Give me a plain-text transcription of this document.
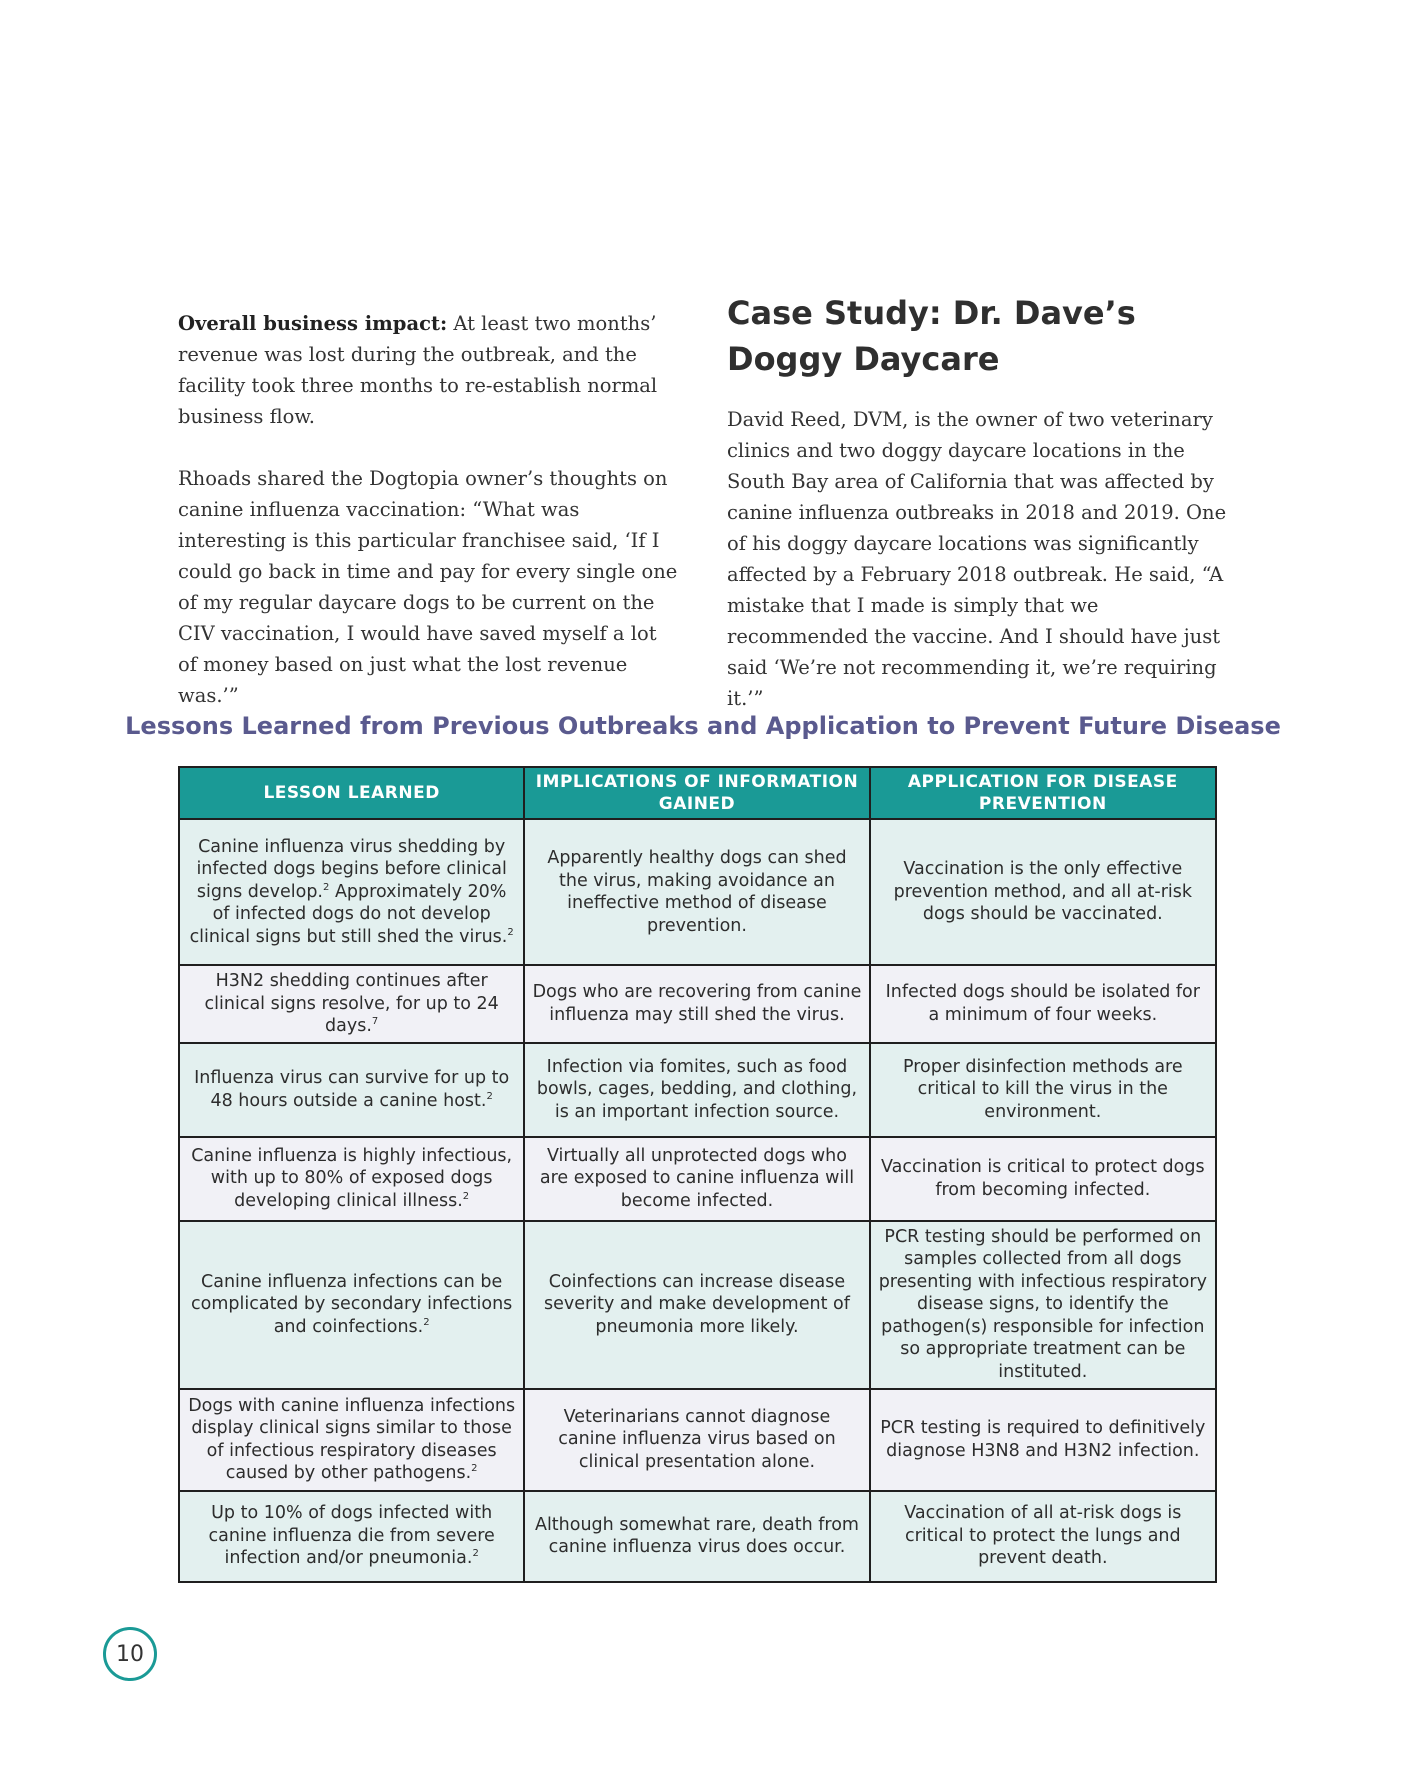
Overall business impact: At least two months’ revenue was lost during the outbreak, and the facility took three months to re-establish normal business flow.

Rhoads shared the Dogtopia owner’s thoughts on canine influenza vaccination: “What was interesting is this particular franchisee said, ‘If I could go back in time and pay for every single one of my regular daycare dogs to be current on the CIV vaccination, I would have saved myself a lot of money based on just what the lost revenue was.’”

Case Study: Dr. Dave’s Doggy Daycare

David Reed, DVM, is the owner of two veterinary clinics and two doggy daycare locations in the South Bay area of California that was affected by canine influenza outbreaks in 2018 and 2019. One of his doggy daycare locations was significantly affected by a February 2018 outbreak. He said, “A mistake that I made is simply that we recommended the vaccine. And I should have just said ‘We’re not recommending it, we’re requiring it.’”

Lessons Learned from Previous Outbreaks and Application to Prevent Future Disease
LESSON LEARNED	IMPLICATIONS OF INFORMATION GAINED	APPLICATION FOR DISEASE PREVENTION
Canine influenza virus shedding by infected dogs begins before clinical signs develop.$^2$ Approximately 20% of infected dogs do not develop clinical signs but still shed the virus.$^2$	Apparently healthy dogs can shed the virus, making avoidance an ineffective method of disease prevention.	Vaccination is the only effective prevention method, and all at-risk dogs should be vaccinated.
H3N2 shedding continues after clinical signs resolve, for up to 24 days.$^7$	Dogs who are recovering from canine influenza may still shed the virus.	Infected dogs should be isolated for a minimum of four weeks.
Influenza virus can survive for up to 48 hours outside a canine host.$^2$	Infection via fomites, such as food bowls, cages, bedding, and clothing, is an important infection source.	Proper disinfection methods are critical to kill the virus in the environment.
Canine influenza is highly infectious, with up to 80% of exposed dogs developing clinical illness.$^2$	Virtually all unprotected dogs who are exposed to canine influenza will become infected.	Vaccination is critical to protect dogs from becoming infected.
Canine influenza infections can be complicated by secondary infections and coinfections.$^2$	Coinfections can increase disease severity and make development of pneumonia more likely.	PCR testing should be performed on samples collected from all dogs presenting with infectious respiratory disease signs, to identify the pathogen(s) responsible for infection so appropriate treatment can be instituted.
Dogs with canine influenza infections display clinical signs similar to those of infectious respiratory diseases caused by other pathogens.$^2$	Veterinarians cannot diagnose canine influenza virus based on clinical presentation alone.	PCR testing is required to definitively diagnose H3N8 and H3N2 infection.
Up to 10% of dogs infected with canine influenza die from severe infection and/or pneumonia.$^2$	Although somewhat rare, death from canine influenza virus does occur.	Vaccination of all at-risk dogs is critical to protect the lungs and prevent death.
10
